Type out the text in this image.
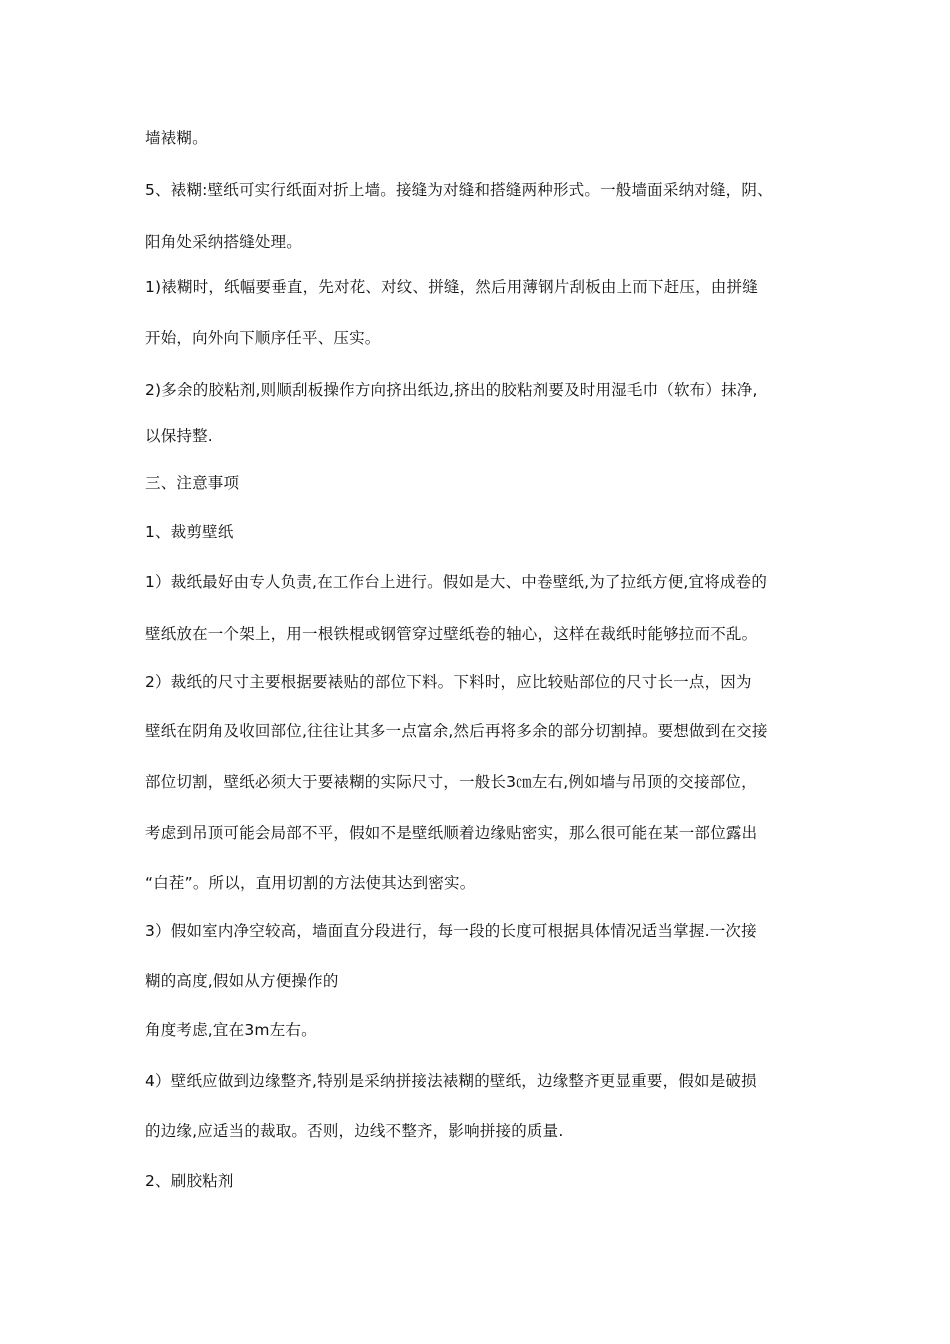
墙裱糊。
5、裱糊:壁纸可实行纸面对折上墙。接缝为对缝和搭缝两种形式。一般墙面采纳对缝，阴、
阳角处采纳搭缝处理。
1)裱糊时，纸幅要垂直，先对花、对纹、拼缝，然后用薄钢片刮板由上而下赶压，由拼缝
开始，向外向下顺序任平、压实。
2)多余的胶粘剂,则顺刮板操作方向挤出纸边,挤出的胶粘剂要及时用湿毛巾（软布）抹净,
以保持整.
三、注意事项
1、裁剪壁纸
1）裁纸最好由专人负责,在工作台上进行。假如是大、中卷壁纸,为了拉纸方便,宜将成卷的
壁纸放在一个架上，用一根铁棍或钢管穿过壁纸卷的轴心，这样在裁纸时能够拉而不乱。
2）裁纸的尺寸主要根据要裱贴的部位下料。下料时，应比较贴部位的尺寸长一点，因为
壁纸在阴角及收回部位,往往让其多一点富余,然后再将多余的部分切割掉。要想做到在交接
部位切割，壁纸必须大于要裱糊的实际尺寸，一般长3㎝左右,例如墙与吊顶的交接部位，
考虑到吊顶可能会局部不平，假如不是壁纸顺着边缘贴密实，那么很可能在某一部位露出
“白茬”。所以，直用切割的方法使其达到密实。
3）假如室内净空较高，墙面直分段进行，每一段的长度可根据具体情况适当掌握.一次接
糊的高度,假如从方便操作的
角度考虑,宜在3m左右。
4）壁纸应做到边缘整齐,特别是采纳拼接法裱糊的壁纸，边缘整齐更显重要，假如是破损
的边缘,应适当的裁取。否则，边线不整齐，影响拼接的质量.
2、刷胶粘剂
